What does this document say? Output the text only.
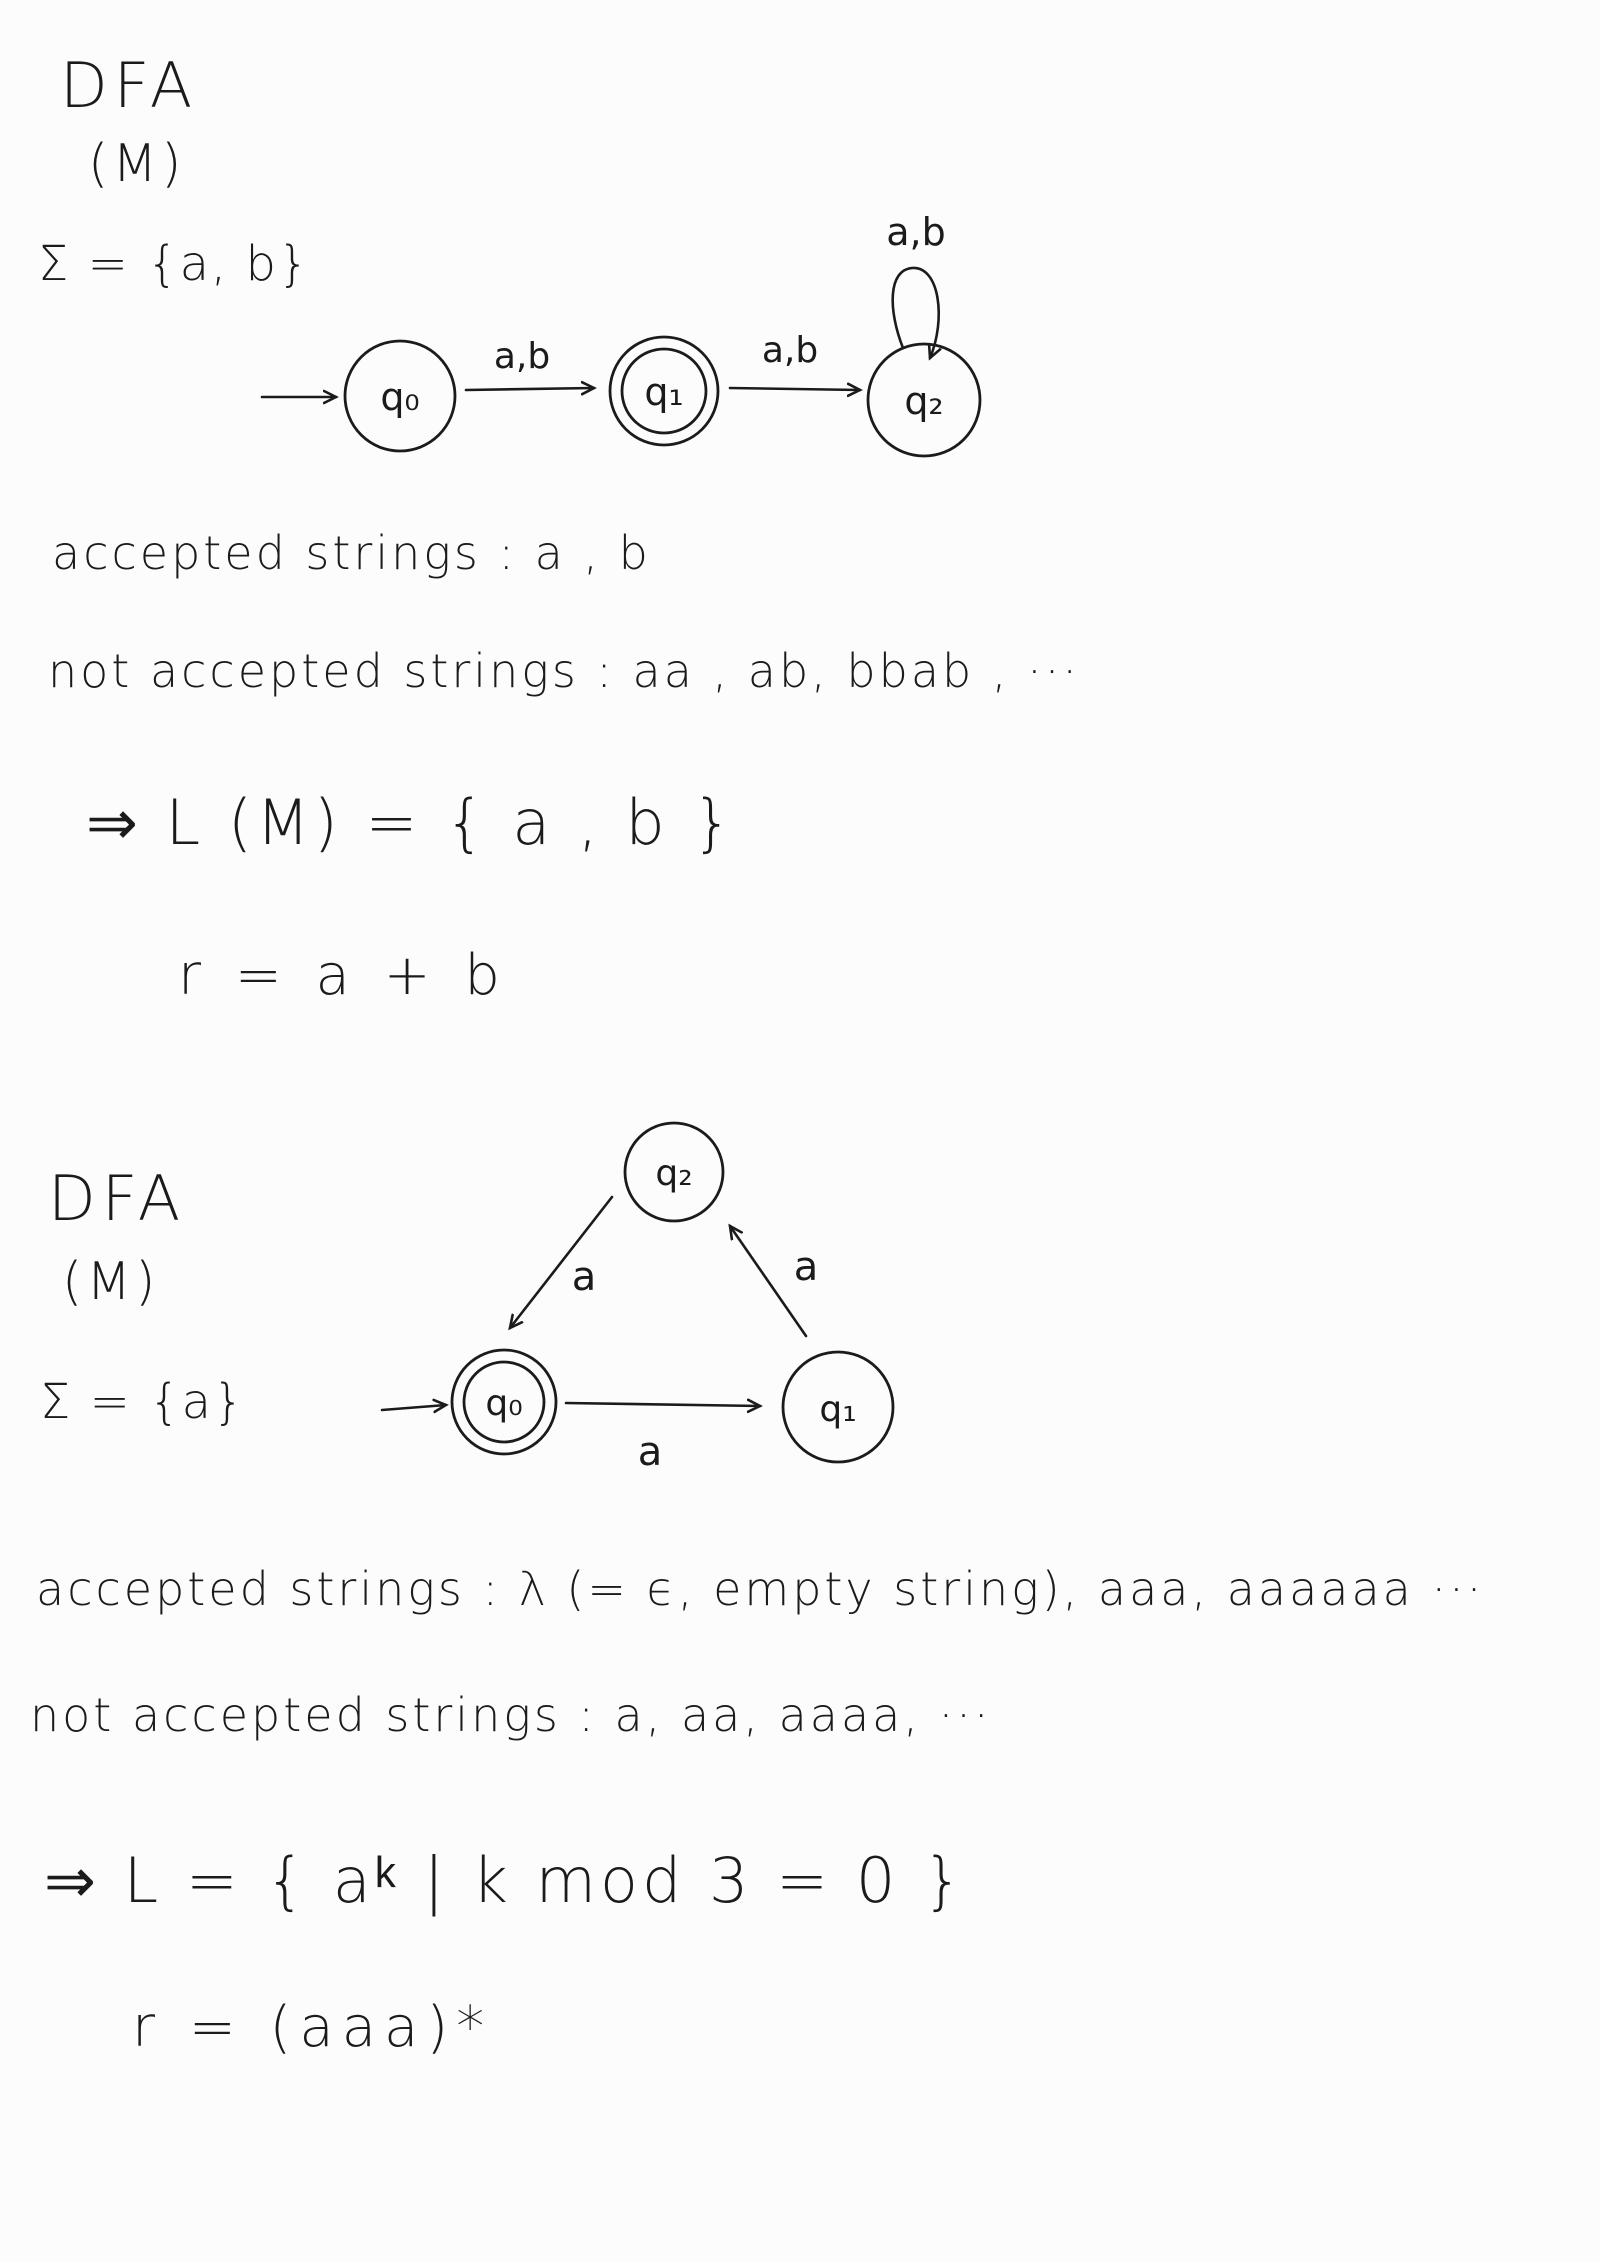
DFA
(M)
Σ = {a, b}
q₀	q₁	q₂
a,b	a,b
a,b
q₀	q₁
q₂
a
a
a
accepted strings : a , b
not accepted strings : aa , ab, bbab , ···
⇒ L (M) = { a , b }
r = a + b
DFA
(M)
Σ = {a}
accepted strings : λ (= ϵ, empty string), aaa, aaaaaa ···
not accepted strings : a, aa, aaaa, ···
⇒ L = { aᵏ | k mod 3 = 0 }
r = (aaa)*
